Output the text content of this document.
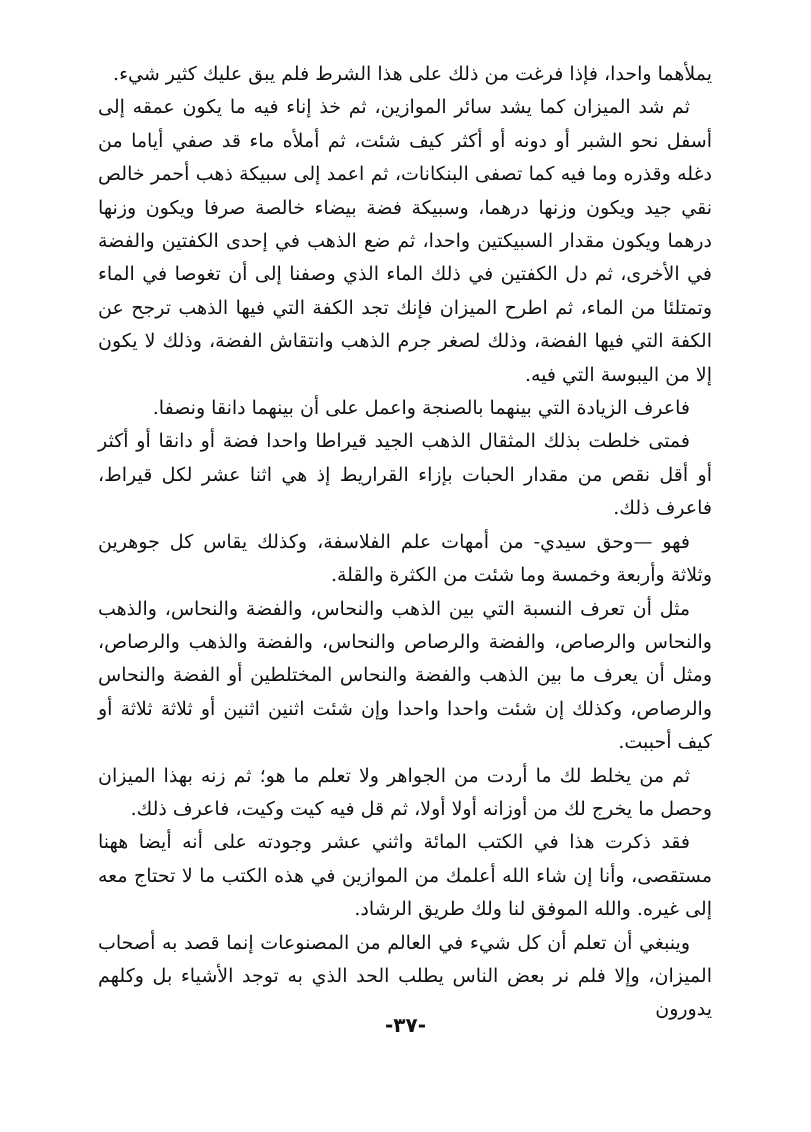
يملأهما واحدا، فإذا فرغت من ذلك على هذا الشرط فلم يبق عليك كثير شيء.

ثم شد الميزان كما يشد سائر الموازين، ثم خذ إناء فيه ما يكون عمقه إلى أسفل نحو الشبر أو دونه أو أكثر كيف شئت، ثم أملأه ماء قد صفي أياما من دغله وقذره وما فيه كما تصفى البنكانات، ثم اعمد إلى سبيكة ذهب أحمر خالص نقي جيد ويكون وزنها درهما، وسبيكة فضة بيضاء خالصة صرفا ويكون وزنها درهما ويكون مقدار السبيكتين واحدا، ثم ضع الذهب في إحدى الكفتين والفضة في الأخرى، ثم دل الكفتين في ذلك الماء الذي وصفنا إلى أن تغوصا في الماء وتمتلئا من الماء، ثم اطرح الميزان فإنك تجد الكفة التي فيها الذهب ترجح عن الكفة التي فيها الفضة، وذلك لصغر جرم الذهب وانتقاش الفضة، وذلك لا يكون إلا من اليبوسة التي فيه.

فاعرف الزيادة التي بينهما بالصنجة واعمل على أن بينهما دانقا ونصفا.

فمتى خلطت بذلك المثقال الذهب الجيد قيراطا واحدا فضة أو دانقا أو أكثر أو أقل نقص من مقدار الحبات بإزاء القراريط إذ هي اثنا عشر لكل قيراط، فاعرف ذلك.

فهو —وحق سيدي- من أمهات علم الفلاسفة، وكذلك يقاس كل جوهرين وثلاثة وأربعة وخمسة وما شئت من الكثرة والقلة.

مثل أن تعرف النسبة التي بين الذهب والنحاس، والفضة والنحاس، والذهب والنحاس والرصاص، والفضة والرصاص والنحاس، والفضة والذهب والرصاص، ومثل أن يعرف ما بين الذهب والفضة والنحاس المختلطين أو الفضة والنحاس والرصاص، وكذلك إن شئت واحدا واحدا وإن شئت اثنين اثنين أو ثلاثة ثلاثة أو كيف أحببت.

ثم من يخلط لك ما أردت من الجواهر ولا تعلم ما هو؛ ثم زنه بهذا الميزان وحصل ما يخرج لك من أوزانه أولا أولا، ثم قل فيه كيت وكيت، فاعرف ذلك.

فقد ذكرت هذا في الكتب المائة واثني عشر وجودته على أنه أيضا ههنا مستقصى، وأنا إن شاء الله أعلمك من الموازين في هذه الكتب ما لا تحتاج معه إلى غيره. والله الموفق لنا ولك طريق الرشاد.

وينبغي أن تعلم أن كل شيء في العالم من المصنوعات إنما قصد به أصحاب الميزان، وإلا فلم نر بعض الناس يطلب الحد الذي به توجد الأشياء بل وكلهم يدورون

-٣٧-
